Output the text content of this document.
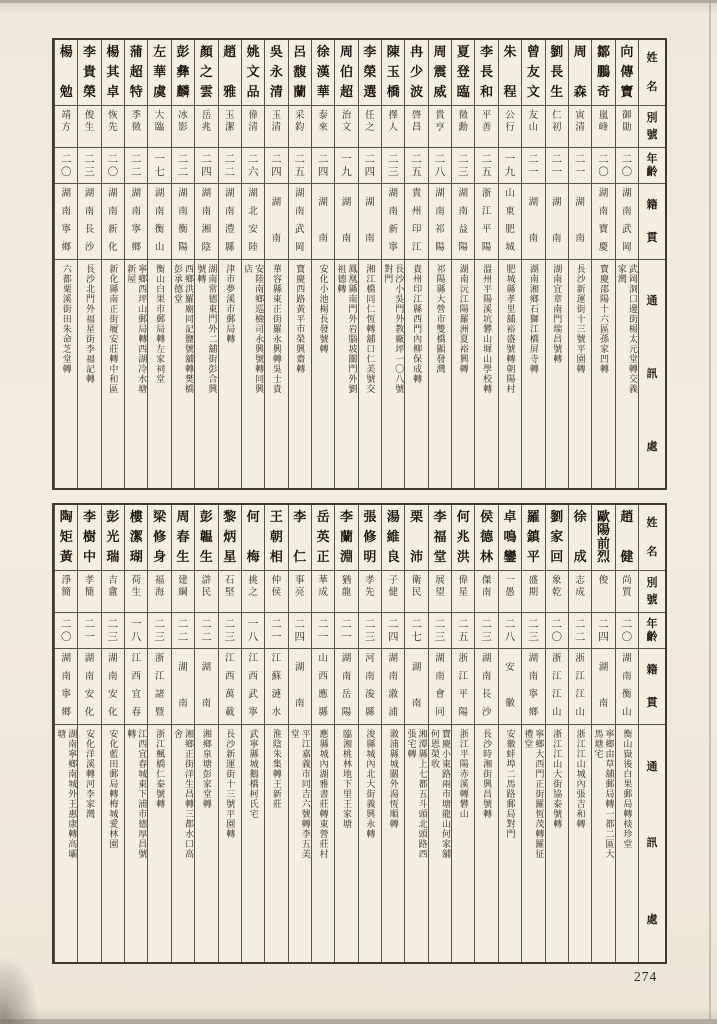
向
傳
寶
御
勛
二
〇
湖
南
武
岡
武岡洞口邊街楊太元堂轉交義家灣
鄒
鵬
奇
嵐
峰
二
〇
湖
南
寶
慶
寶慶邵陽十六區孫家凹轉
周
森
寅
清
二
一
湖
南
長沙新運街十三號平園轉
劉
長
生
仁
初
二
一
湖
南
湖南宜章南門瑞昌號轉
曾
友
文
友
山
二
一
湖
南
湖南湘鄉石獅江橋屏寺轉
朱
程
公
行
一
九
山
東
肥
城
肥城縣孝里舖裕盛號轉朝陽村
李
長
和
平
善
二
五
浙
江
平
陽
溫州平陽溪坑礬山墀山學校轉
夏
登
臨
徵
勳
二
三
湖
南
益
陽
湖南沅江陽羅洲夏裕興轉
周
震
威
貴
亨
二
八
湖
南
祁
陽
祁陽縣大營市雙橋顯發灣
冉
少
波
啓
昌
二
五
貴
州
印
江
貴州印江縣西門內柳保成轉
陳
玉
橋
擇
人
二
三
湖
南
新
寧
長沙小吳門外教廠坪一〇八號對門
李
榮
選
任
之
二
四
湖
南
湘江橋同仁恆轉舖口仁美號交
周
伯
超
治
文
一
九
湖
南
鳳凰縣南門外岩腦坡關門外劉祖德轉
徐
漢
華
泰
來
二
四
湖
南
安化小池楊長發號轉
呂
馥
蘭
采
鈞
二
五
湖
南
武
岡
寶慶西路黃平市榮興齋轉
吳
永
清
玉
清
二
四
湖
南
華容縣東正街羅永興轉吳士貴
姚
文
品
偉
清
二
六
湖
北
安
陸
安陸南鄉巡檢司永興號轉同興店
趙
雅
玉
潔
二
二
湖
南
澧
縣
津市夢溪市郵局轉
顏
之
雲
岳
兆
二
四
湖
南
湘
陰
湖南常德東門外二舖街彭合興號轉
彭
彝
麟
冰
影
二
二
湖
南
衡
陽
西鄉洪羅廟同記鹽號舖轉樊橋彭承德堂
左
華
虞
大
臨
一
七
湖
南
衡
山
衡山白果市郵局轉左家祠堂
蒲
超
特
季
徵
二
二
湖
南
寧
鄉
寧鄉西坪山郵局轉西湖冷水塘新屋
楊
其
卓
恢
先
二
〇
湖
南
新
化
新化縣南正街履安莊轉中和區
李
貴
榮
俊
生
二
三
湖
南
長
沙
長沙北門外福星街李福記轉
楊
勉
靖
方
二
〇
湖
南
寧
鄉
六都栗溪街田朱命芝堂轉
姓
名
別
號
年
齡
籍
貫
通
訊
處
趙
健
尚
質
二
〇
湖
南
衡
山
衡山嶽後白果郵局轉棪珍堂
歐
陽
前
烈
俊
二
四
湖
南
寧鄉由草舖郵局轉一都二區大馬塘宅
徐
成
志
成
二
二
浙
江
江
山
浙江江山城內張吉和轉
劉
家
回
象
乾
二
〇
浙
江
江
山
浙江江山大街協泰號轉
羅
鎮
平
盛
期
二
三
湖
南
寧
鄉
寧鄉大西門正街羅恆茂轉羅征禮堂
卓
鳴
鑾
一
愚
二
八
安
徽
安徽蚌埠二馬路郵局對門
侯
德
林
傑
南
二
三
湖
南
長
沙
長沙時湘街興昌號轉
何
兆
洪
偉
星
二
五
浙
江
平
陽
浙江平陽赤溪轉礬山
李
福
堂
展
望
二
三
湖
南
會
同
寶慶小東路兩市塘龍山何家舖何恩榮收
栗
沛
衛
民
二
七
湖
南
湘潭縣上七都五斗頭北頭路西張宅轉
湯
維
良
子
健
二
四
湖
南
漵
浦
漵浦縣城關外湯恆順轉
張
修
明
孝
先
二
三
河
南
浚
縣
浚縣城內北大街義興永轉
李
蘭
淵
猶
龍
二
一
湖
南
岳
陽
臨湘桃林地下里王家塘
岳
英
正
華
成
二
一
山
西
應
縣
應縣城內湖雅書莊轉東營莊村
李
仁
事
亮
二
四
湖
南
平江嘉義市同吉六號轉李五美堂
王
朝
相
仲
侯
二
一
江
蘇
漣
水
淮陰朱集轉王新莊
何
梅
挑
之
一
八
江
西
武
寧
武寧縣城鵝橋柯氏宅
黎
炳
星
石
堅
二
三
江
西
萬
載
長沙新運街十三號平園轉
彭
韞
生
滸
民
二
二
湖
南
湘鄉泉塘彭家堂轉
周
春
生
建
綱
二
二
湖
南
湘鄉正街洋生昌轉三都水口高舍
梁
修
身
福
海
二
三
浙
江
諸
暨
浙江楓橋仁泰號轉
樓
潔
瑚
荷
生
一
八
江
西
宜
春
江西宜春城東下浦市德厚昌號轉
彭
光
瑞
吉
盦
二
三
湖
南
安
化
安化藍田郵局轉梅城愛林園
李
樹
中
孝
簡
二
一
湖
南
安
化
安化洋溪轉河李家灣
陶
矩
黃
淨
簡
二
〇
湖
南
寧
鄉
湖南寧鄉南城外王惠康轉高壩塘
姓
名
別
號
年
齡
籍
貫
通
訊
處
274
